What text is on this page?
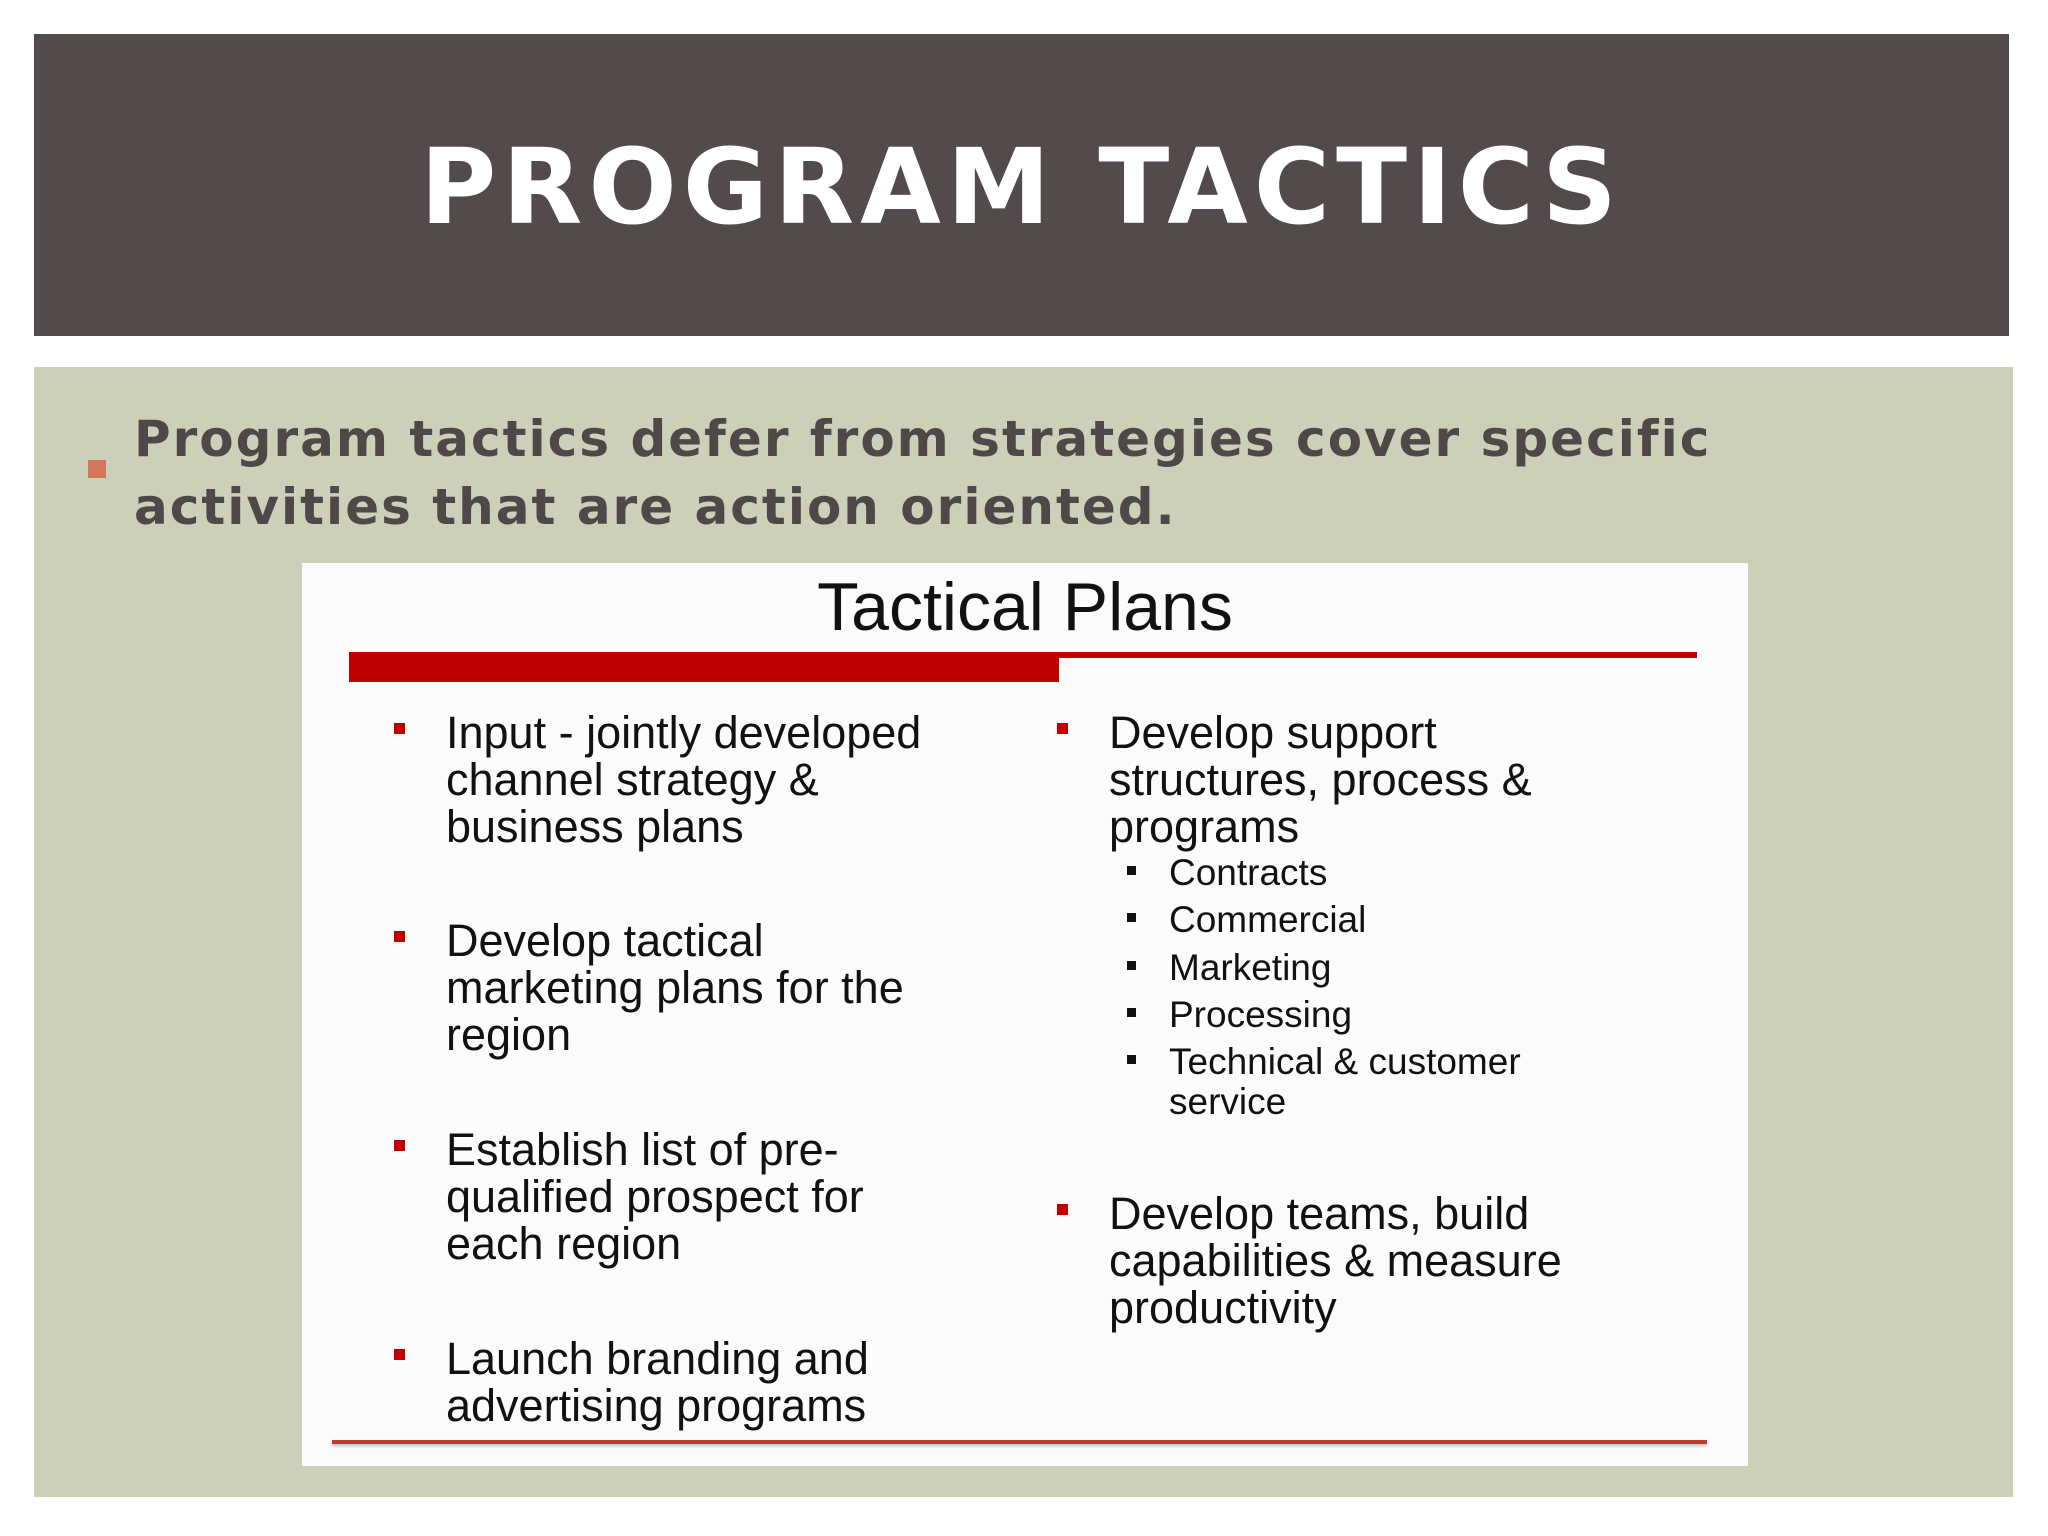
PROGRAM TACTICS

Program tactics defer from strategies cover specific activities that are action oriented.

Tactical Plans
Input - jointly developed channel strategy & business plans
Develop tactical marketing plans for the region
Establish list of pre-qualified prospect for each region
Launch branding and advertising programs
Develop support structures, process & programs
Contracts
Commercial
Marketing
Processing
Technical & customer service
Develop teams, build capabilities & measure productivity
